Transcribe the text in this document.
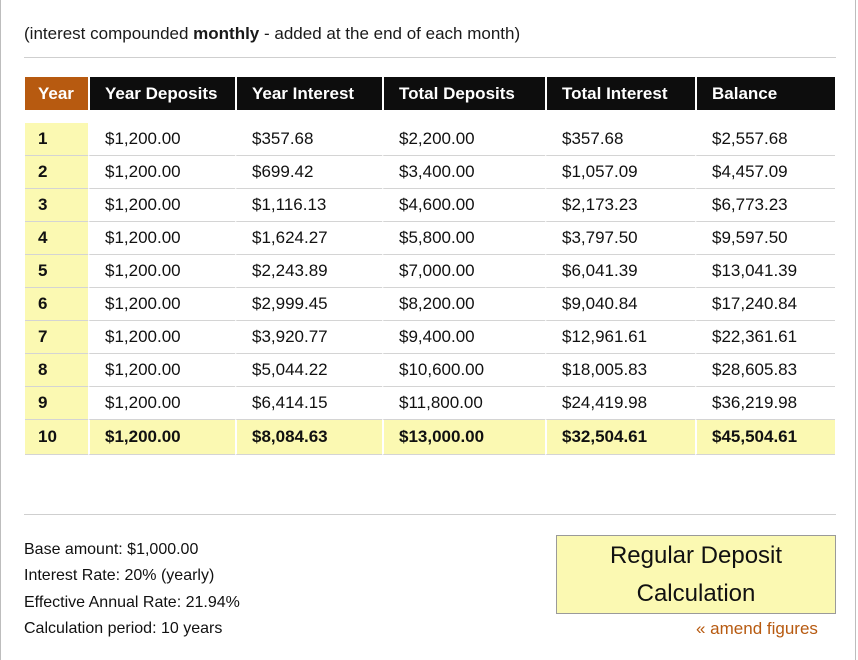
(interest compounded monthly - added at the end of each month)
Year	Year Deposits	Year Interest	Total Deposits	Total Interest	Balance

1	$1,200.00	$357.68	$2,200.00	$357.68	$2,557.68
2	$1,200.00	$699.42	$3,400.00	$1,057.09	$4,457.09
3	$1,200.00	$1,116.13	$4,600.00	$2,173.23	$6,773.23
4	$1,200.00	$1,624.27	$5,800.00	$3,797.50	$9,597.50
5	$1,200.00	$2,243.89	$7,000.00	$6,041.39	$13,041.39
6	$1,200.00	$2,999.45	$8,200.00	$9,040.84	$17,240.84
7	$1,200.00	$3,920.77	$9,400.00	$12,961.61	$22,361.61
8	$1,200.00	$5,044.22	$10,600.00	$18,005.83	$28,605.83
9	$1,200.00	$6,414.15	$11,800.00	$24,419.98	$36,219.98
10	$1,200.00	$8,084.63	$13,000.00	$32,504.61	$45,504.61
Base amount: $1,000.00
Interest Rate: 20% (yearly)
Effective Annual Rate: 21.94%
Calculation period: 10 years
Regular Deposit
Calculation
« amend figures
